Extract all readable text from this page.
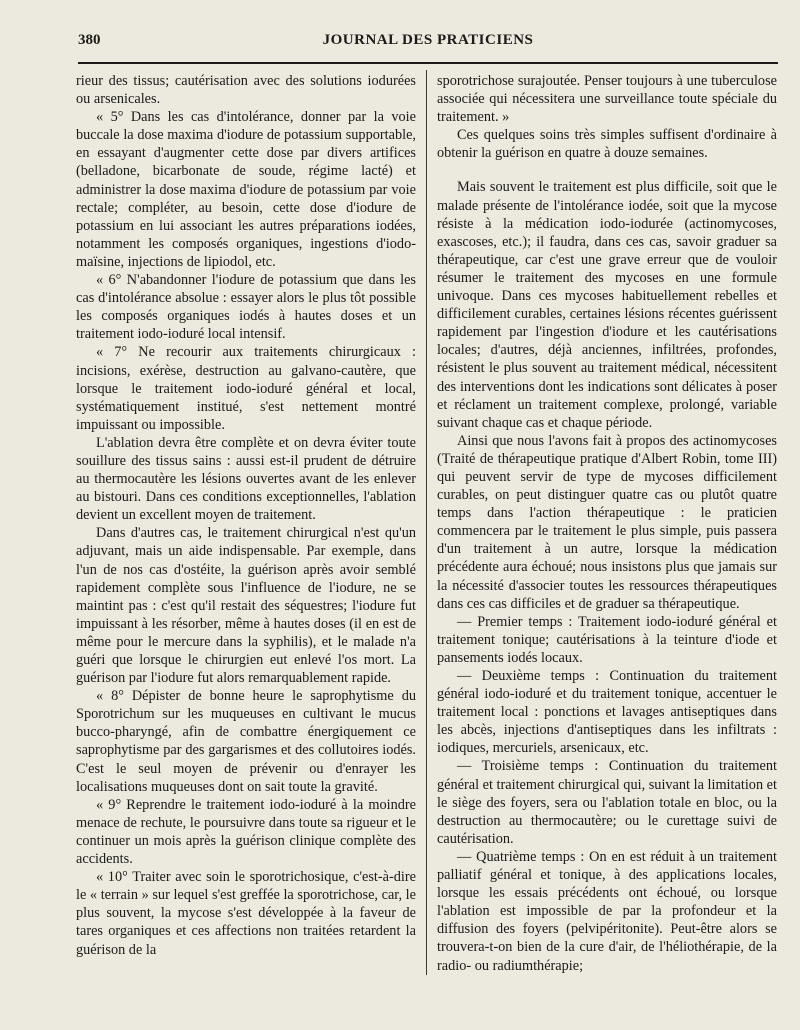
380	JOURNAL DES PRATICIENS

rieur des tissus; cautérisation avec des solutions iodurées ou arsenicales.

« 5° Dans les cas d'intolérance, donner par la voie buccale la dose maxima d'iodure de potassium supportable, en essayant d'augmenter cette dose par divers artifices (belladone, bicarbonate de soude, régime lacté) et administrer la dose maxima d'iodure de potassium par voie rectale; compléter, au besoin, cette dose d'iodure de potassium en lui associant les autres préparations iodées, notamment les composés organiques, ingestions d'iodo-maïsine, injections de lipiodol, etc.

« 6° N'abandonner l'iodure de potassium que dans les cas d'intolérance absolue : essayer alors le plus tôt possible les composés organiques iodés à hautes doses et un traitement iodo-ioduré local intensif.

« 7° Ne recourir aux traitements chirurgicaux : incisions, exérèse, destruction au galvano-cautère, que lorsque le traitement iodo-ioduré général et local, systématiquement institué, s'est nettement montré impuissant ou impossible.

L'ablation devra être complète et on devra éviter toute souillure des tissus sains : aussi est-il prudent de détruire au thermocautère les lésions ouvertes avant de les enlever au bistouri. Dans ces conditions exceptionnelles, l'ablation devient un excellent moyen de traitement.

Dans d'autres cas, le traitement chirurgical n'est qu'un adjuvant, mais un aide indispensable. Par exemple, dans l'un de nos cas d'ostéite, la guérison après avoir semblé rapidement complète sous l'influence de l'iodure, ne se maintint pas : c'est qu'il restait des séquestres; l'iodure fut impuissant à les résorber, même à hautes doses (il en est de même pour le mercure dans la syphilis), et le malade n'a guéri que lorsque le chirurgien eut enlevé l'os mort. La guérison par l'iodure fut alors remarquablement rapide.

« 8° Dépister de bonne heure le saprophytisme du Sporotrichum sur les muqueuses en cultivant le mucus bucco-pharyngé, afin de combattre énergiquement ce saprophytisme par des gargarismes et des collutoires iodés. C'est le seul moyen de prévenir ou d'enrayer les localisations muqueuses dont on sait toute la gravité.

« 9° Reprendre le traitement iodo-ioduré à la moindre menace de rechute, le poursuivre dans toute sa rigueur et le continuer un mois après la guérison clinique complète des accidents.

« 10° Traiter avec soin le sporotrichosique, c'est-à-dire le « terrain » sur lequel s'est greffée la sporotrichose, car, le plus souvent, la mycose s'est développée à la faveur de tares organiques et ces affections non traitées retardent la guérison de la

sporotrichose surajoutée. Penser toujours à une tuberculose associée qui nécessitera une surveillance toute spéciale du traitement. »

Ces quelques soins très simples suffisent d'ordinaire à obtenir la guérison en quatre à douze semaines.

Mais souvent le traitement est plus difficile, soit que le malade présente de l'intolérance iodée, soit que la mycose résiste à la médication iodo-iodurée (actinomycoses, exascoses, etc.); il faudra, dans ces cas, savoir graduer sa thérapeutique, car c'est une grave erreur que de vouloir résumer le traitement des mycoses en une formule univoque. Dans ces mycoses habituellement rebelles et difficilement curables, certaines lésions récentes guérissent rapidement par l'ingestion d'iodure et les cautérisations locales; d'autres, déjà anciennes, infiltrées, profondes, résistent le plus souvent au traitement médical, nécessitent des interventions dont les indications sont délicates à poser et réclament un traitement complexe, prolongé, variable suivant chaque cas et chaque période.

Ainsi que nous l'avons fait à propos des actinomycoses (Traité de thérapeutique pratique d'Albert Robin, tome III) qui peuvent servir de type de mycoses difficilement curables, on peut distinguer quatre cas ou plutôt quatre temps dans l'action thérapeutique : le praticien commencera par le traitement le plus simple, puis passera d'un traitement à un autre, lorsque la médication précédente aura échoué; nous insistons plus que jamais sur la nécessité d'associer toutes les ressources thérapeutiques dans ces cas difficiles et de graduer sa thérapeutique.

— Premier temps : Traitement iodo-ioduré général et traitement tonique; cautérisations à la teinture d'iode et pansements iodés locaux.

— Deuxième temps : Continuation du traitement général iodo-ioduré et du traitement tonique, accentuer le traitement local : ponctions et lavages antiseptiques dans les abcès, injections d'antiseptiques dans les infiltrats : iodiques, mercuriels, arsenicaux, etc.

— Troisième temps : Continuation du traitement général et traitement chirurgical qui, suivant la limitation et le siège des foyers, sera ou l'ablation totale en bloc, ou la destruction au thermocautère; ou le curettage suivi de cautérisation.

— Quatrième temps : On en est réduit à un traitement palliatif général et tonique, à des applications locales, lorsque les essais précédents ont échoué, ou lorsque l'ablation est impossible de par la profondeur et la diffusion des foyers (pelvipéritonite). Peut-être alors se trouvera-t-on bien de la cure d'air, de l'héliothérapie, de la radio- ou radiumthérapie;
